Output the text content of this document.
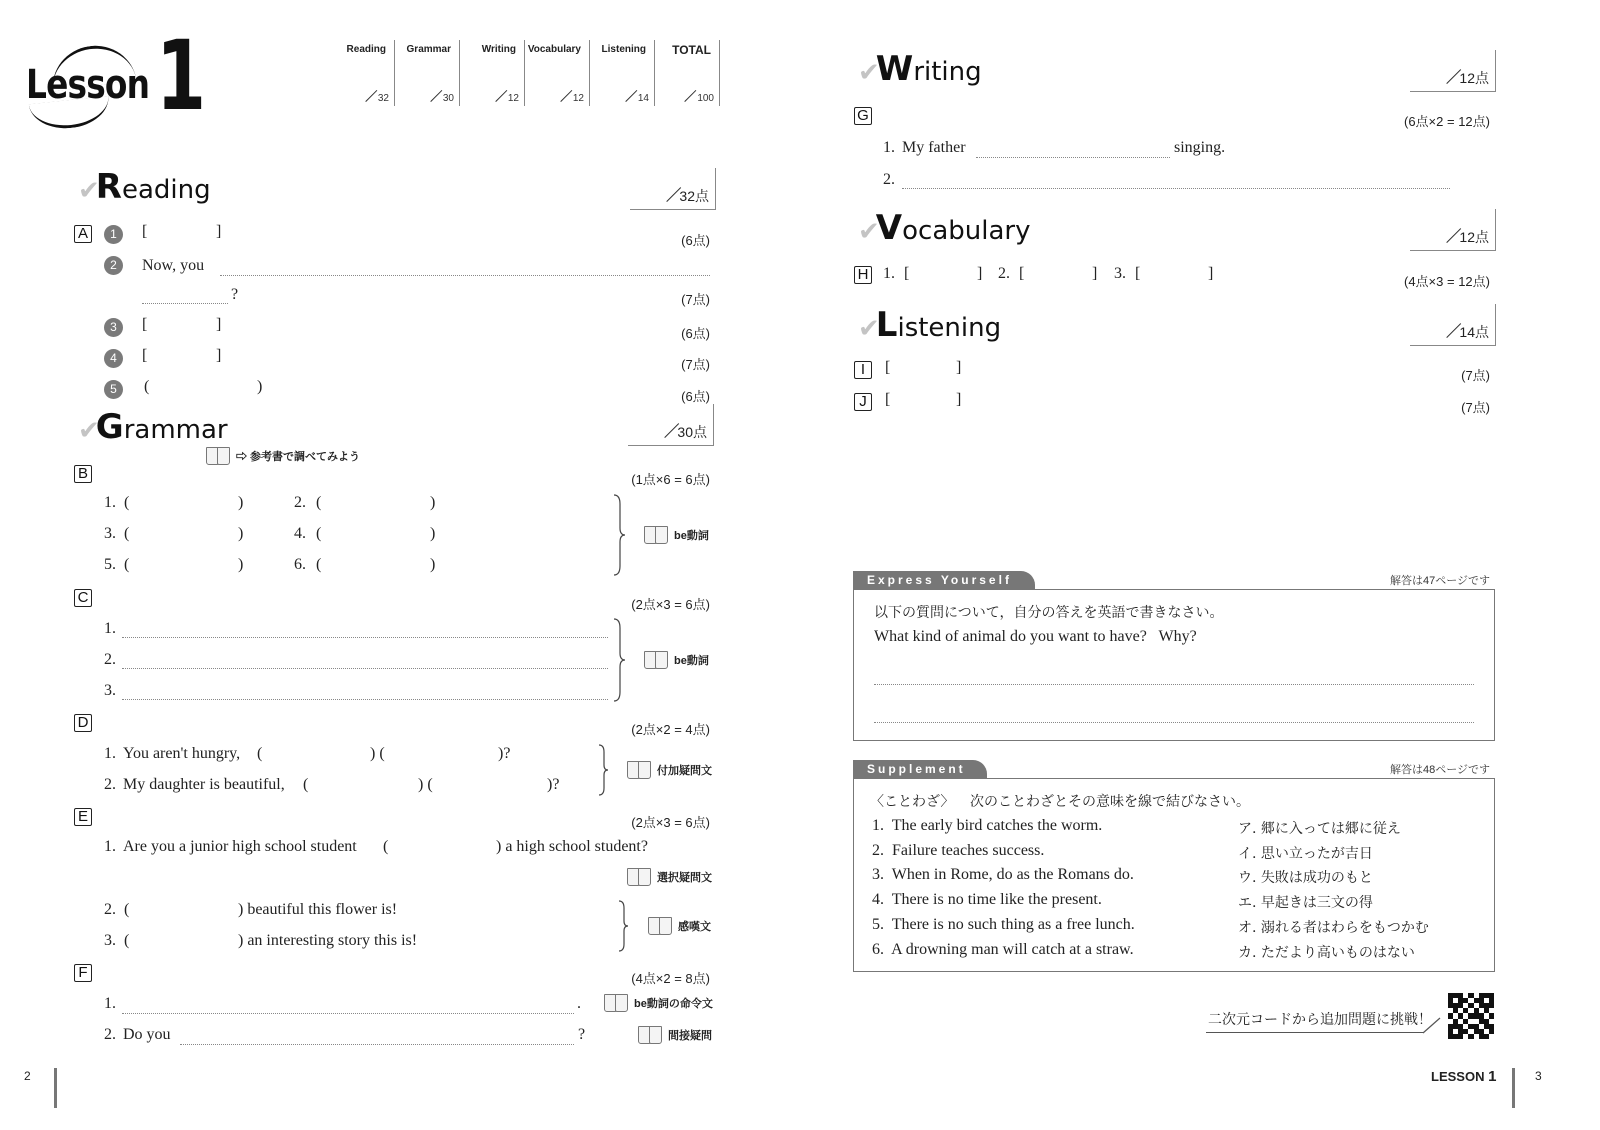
Lesson 1	Reading
32
Grammar
30
Writing
12
Vocabulary
12
Listening
14
TOTAL
100
✔
R eading	32点
A	1	[	]
(6点)
2	Now, you
?	(7点)
3	[	]
(6点)
4	[	]
(7点)
5	(	)
(6点)
✔
G rammar	30点
⇨ 参考書で調べてみよう
B	(1点×6 = 6点)
1. (	)	2. (	)
3. (	)	4. (	)
5. (	)	6. (	)
be動詞
C	(2点×3 = 6点)
1.
2.
3.
be動詞
D	(2点×2 = 4点)
1. You aren't hungry, (	) (	)?
2. My daughter is beautiful, (	) (	)?
付加疑問文
E	(2点×3 = 6点)
1. Are you a junior high school student (	) a high school student?
選択疑問文
2. (	) beautiful this flower is!
3. (	) an interesting story this is!
感嘆文
F	(4点×2 = 8点)
1.	.	be動詞の命令文
2. Do you	?	間接疑問
2
✔
W riting	12点
G	(6点×2 = 12点)
1. My father	singing.
2.
✔
V ocabulary	12点
H 1. [	] 2. [	] 3. [	]	(4点×3 = 12点)
✔
L istening	14点
I	[	]	(7点)
J	[	]	(7点)
Express Yourself	解答は47ページです
以下の質問について，自分の答えを英語で書きなさい。
What kind of animal do you want to have?   Why?
Supplement	解答は48ページです
〈ことわざ〉 次のことわざとその意味を線で結びなさい。
1.  The early bird catches the worm.
2.  Failure teaches success.
3.  When in Rome, do as the Romans do.
4.  There is no time like the present.
5.  There is no such thing as a free lunch.
6.  A drowning man will catch at a straw.
ア. 郷に入っては郷に従え
イ. 思い立ったが吉日
ウ. 失敗は成功のもと
エ. 早起きは三文の得
オ. 溺れる者はわらをもつかむ
カ. ただより高いものはない
二次元コードから追加問題に挑戦！
LESSON 1	3
